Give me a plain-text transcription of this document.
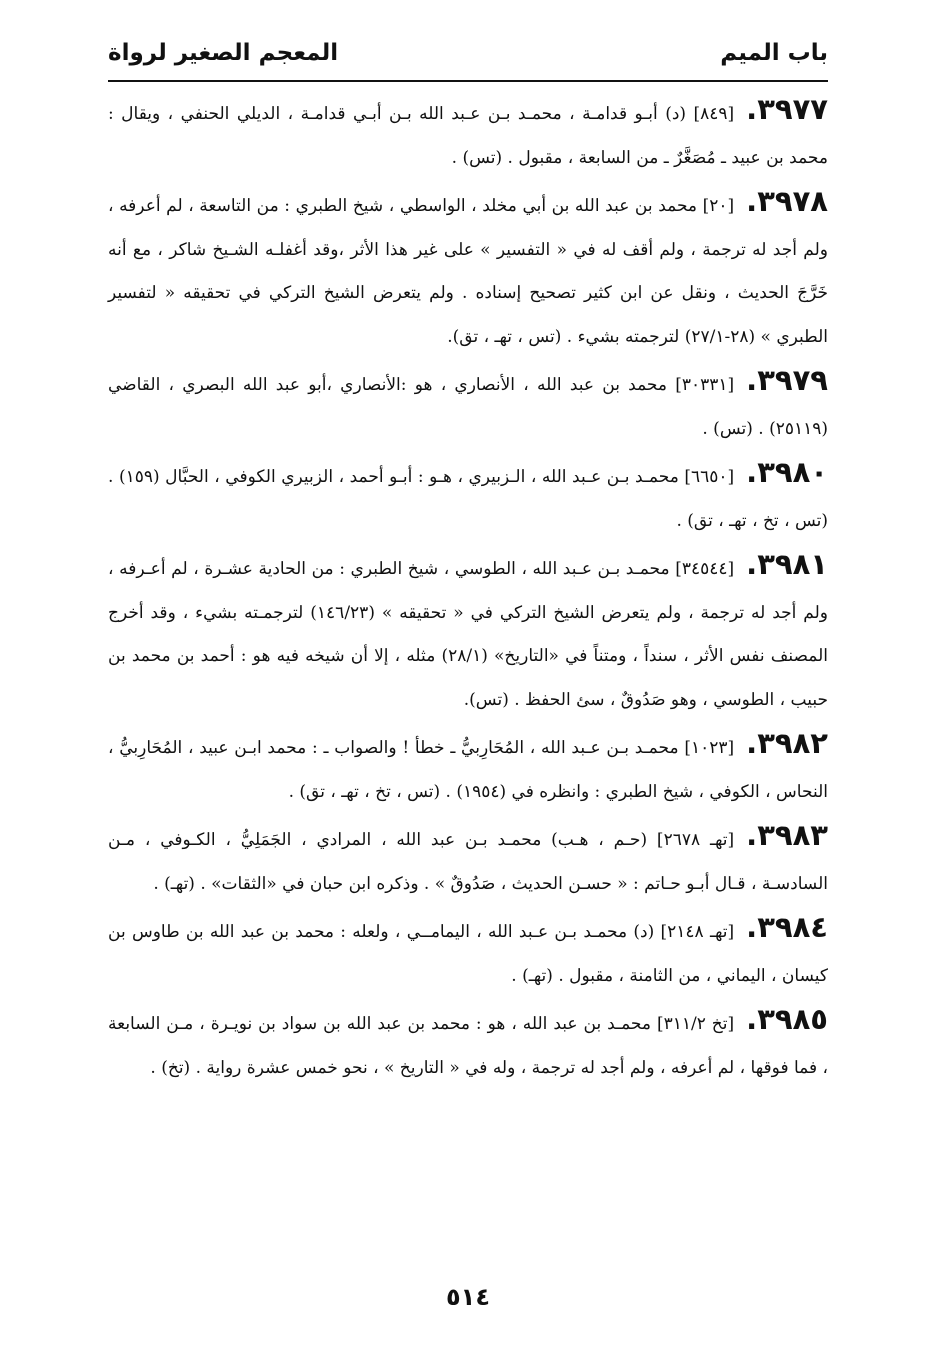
باب الميم
المعجم الصغير لرواة

٣٩٧٧.[٨٤٩] (د) أبـو قدامـة ، محمـد بـن عـبد الله بـن أبـي قدامـة ، الديلي الحنفي ، ويقال : محمد بن عبيد ـ مُصَغَّرٌ ـ من السابعة ، مقبول . (تس) .

٣٩٧٨.[٢٠] محمد بن عبد الله بن أبي مخلد ، الواسطي ، شيخ الطبري : من التاسعة ، لم أعرفه ، ولم أجد له ترجمة ، ولم أقف له في « التفسير » على غير هذا الأثر ،وقد أغفلـه الشـيخ شاكر ، مع أنه خَرَّجَ الحديث ، ونقل عن ابن كثير تصحيح إسناده . ولم يتعرض الشيخ التركي في تحقيقه « لتفسير الطبري » (٢٨-٢٧/١) لترجمته بشيء . (تس ، تهـ ، تق).

٣٩٧٩.[٣٠٣٣١] محمد بن عبد الله ، الأنصاري ، هو :الأنصاري ،أبو عبد الله البصري ، القاضي (٢٥١١٩) . (تس) .

٣٩٨٠.[٦٦٥٠] محمـد بـن عـبد الله ، الـزبيري ، هـو : أبـو أحمد ، الزبيري الكوفي ، الحبَّال (١٥٩) . (تس ، تخ ، تهـ ، تق) .

٣٩٨١.[٣٤٥٤٤] محمـد بـن عـبد الله ، الطوسي ، شيخ الطبري : من الحادية عشـرة ، لم أعـرفه ، ولم أجد له ترجمة ، ولم يتعرض الشيخ التركي في « تحقيقه » (١٤٦/٢٣) لترجمـته بشيء ، وقد أخرج المصنف نفس الأثر ، سنداً ، ومتناً في «التاريخ» (٢٨/١) مثله ، إلا أن شيخه فيه هو : أحمد بن محمد بن حبيب ، الطوسي ، وهو صَدُوقٌ ، سئ الحفظ . (تس).

٣٩٨٢.[١٠٢٣] محمـد بـن عـبد الله ، المُحَارِبيُّ ـ خطأ ! والصواب ـ : محمد ابـن عبيد ، المُحَارِبيُّ ، النحاس ، الكوفي ، شيخ الطبري : وانظره في (١٩٥٤) . (تس ، تخ ، تهـ ، تق) .

٣٩٨٣.[تهـ ٢٦٧٨] (حـم ، هـب) محمـد بـن عبد الله ، المرادي ، الجَمَلِيُّ ، الكـوفي ، مـن السادسـة ، قـال أبـو حـاتم : « حسـن الحديث ، صَدُوقٌ » . وذكره ابن حبان في «الثقات» . (تهـ) .

٣٩٨٤.[تهـ ٢١٤٨] (د) محمـد بـن عـبد الله ، اليمامــي ، ولعله : محمد بن عبد الله بن طاوس بن كيسان ، اليماني ، من الثامنة ، مقبول . (تهـ) .

٣٩٨٥.[تخ ٣١١/٢] محمـد بن عبد الله ، هو : محمد بن عبد الله بن سواد بن نويـرة ، مـن السابعة ، فما فوقها ، لم أعرفه ، ولم أجد له ترجمة ، وله في « التاريخ » ، نحو خمس عشرة رواية . (تخ) .

٥١٤
